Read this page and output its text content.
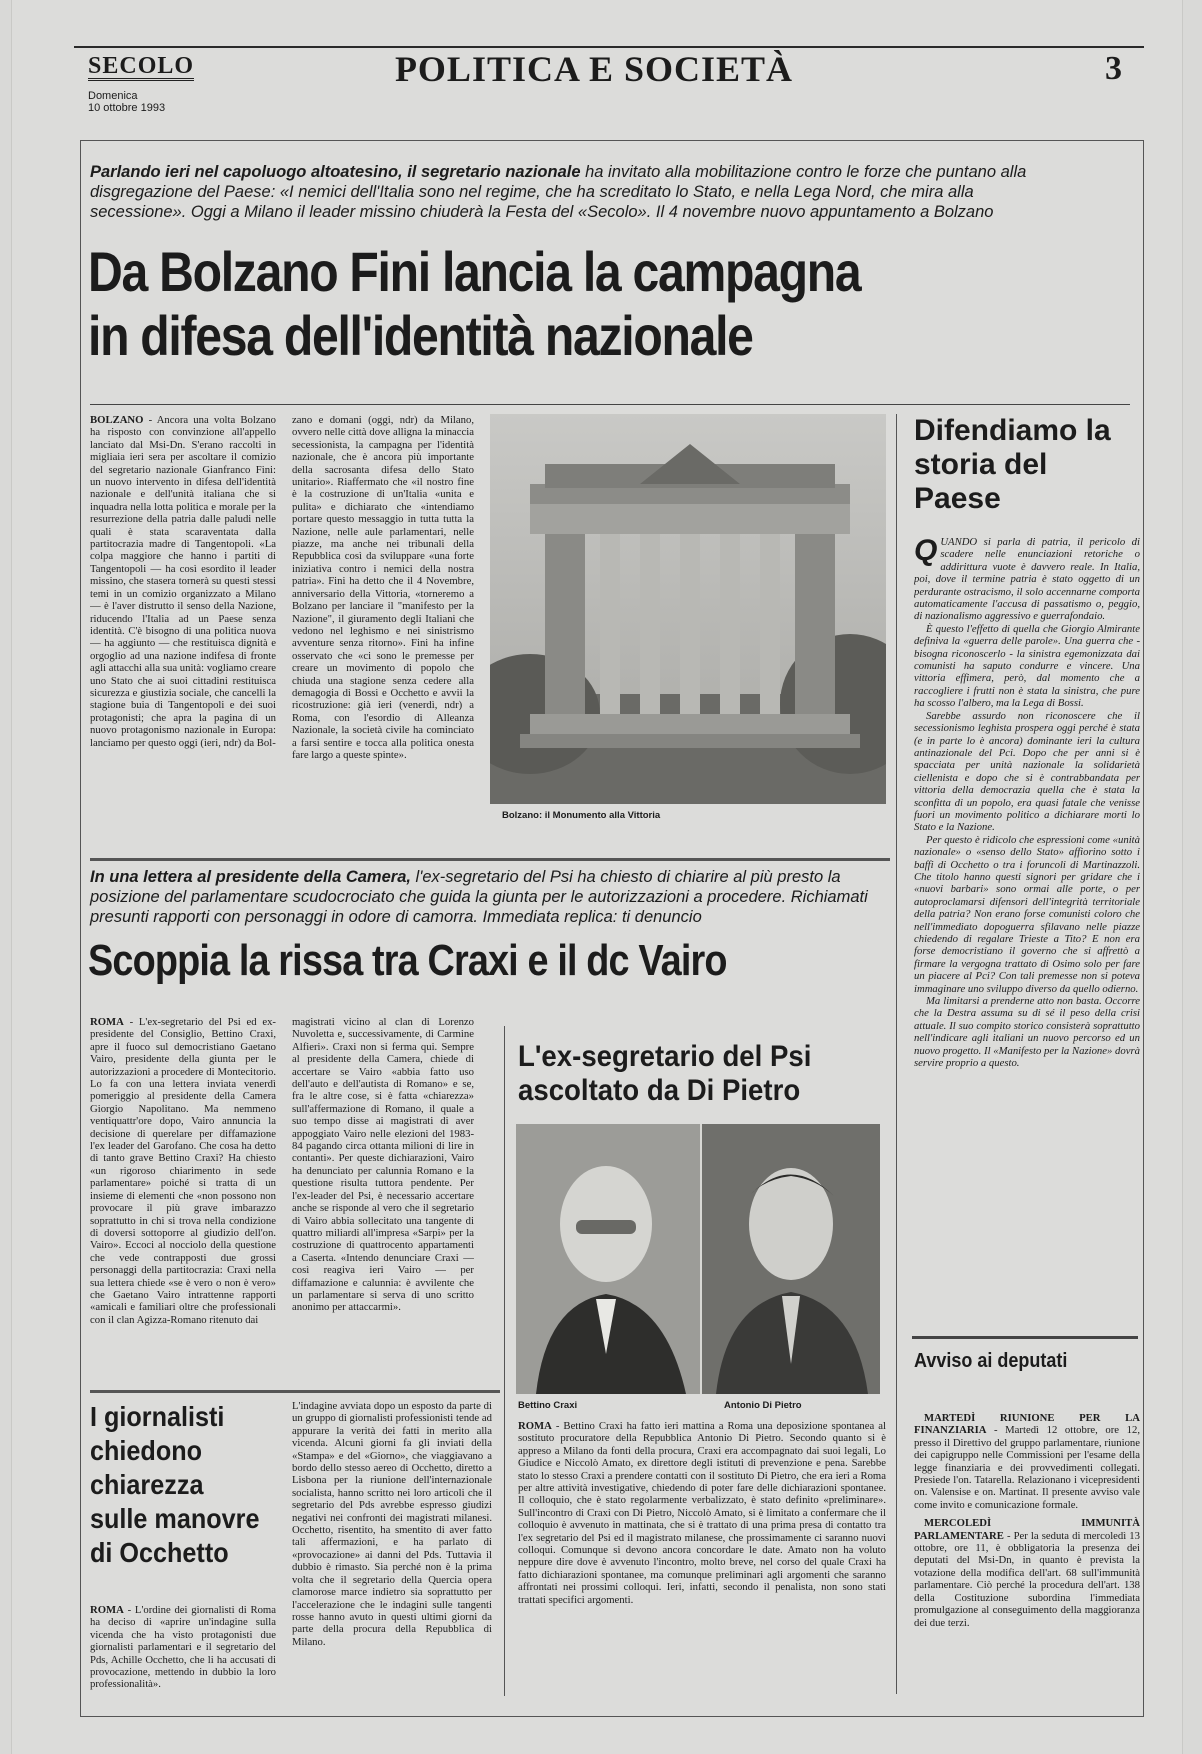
SECOLO
Domenica
10 ottobre 1993
POLITICA E SOCIETÀ	3
Parlando ieri nel capoluogo altoatesino, il segretario nazionale ha invitato alla mobilitazione contro le forze che puntano alla disgregazione del Paese: «I nemici dell'Italia sono nel regime, che ha screditato lo Stato, e nella Lega Nord, che mira alla secessione». Oggi a Milano il leader missino chiuderà la Festa del «Secolo». Il 4 novembre nuovo appuntamento a Bolzano
Da Bolzano Fini lancia la campagna
in difesa dell'identità nazionale
BOLZANO - Ancora una volta Bolzano ha risposto con convinzione all'appello lanciato dal Msi-Dn. S'erano raccolti in migliaia ieri sera per ascoltare il comizio del segretario nazionale Gianfranco Fini: un nuovo intervento in difesa dell'identità nazionale e dell'unità italiana che si inquadra nella lotta politica e morale per la resurrezione della patria dalle paludi nelle quali è stata scaraventata dalla partitocrazia madre di Tangentopoli. «La colpa maggiore che hanno i partiti di Tangentopoli — ha così esordito il leader missino, che stasera tornerà su questi stessi temi in un comizio organizzato a Milano — è l'aver distrutto il senso della Nazione, riducendo l'Italia ad un Paese senza identità. C'è bisogno di una politica nuova — ha aggiunto — che restituisca dignità e orgoglio ad una nazione indifesa di fronte agli attacchi alla sua unità: vogliamo creare uno Stato che ai suoi cittadini restituisca sicurezza e giustizia sociale, che cancelli la stagione buia di Tangentopoli e dei suoi protagonisti; che apra la pagina di un nuovo protagonismo nazionale in Europa: lanciamo per questo oggi (ieri, ndr) da Bol-
zano e domani (oggi, ndr) da Milano, ovvero nelle città dove alligna la minaccia secessionista, la campagna per l'identità nazionale, che è ancora più importante della sacrosanta difesa dello Stato unitario». Riaffermato che «il nostro fine è la costruzione di un'Italia «unita e pulita» e dichiarato che «intendiamo portare questo messaggio in tutta tutta la Nazione, nelle aule parlamentari, nelle piazze, ma anche nei tribunali della Repubblica così da sviluppare «una forte iniziativa contro i nemici della nostra patria». Fini ha detto che il 4 Novembre, anniversario della Vittoria, «torneremo a Bolzano per lanciare il "manifesto per la Nazione", il giuramento degli Italiani che vedono nel leghismo e nei sinistrismo avventure senza ritorno». Fini ha infine osservato che «ci sono le premesse per creare un movimento di popolo che chiuda una stagione senza cedere alla demagogia di Bossi e Occhetto e avvii la ricostruzione: già ieri (venerdì, ndr) a Roma, con l'esordio di Alleanza Nazionale, la società civile ha cominciato a farsi sentire e tocca alla politica onesta fare largo a queste spinte».
Bolzano: il Monumento alla Vittoria
Difendiamo la storia del Paese
Q UANDO si parla di patria, il pericolo di scadere nelle enunciazioni retoriche o addirittura vuote è davvero reale. In Italia, poi, dove il termine patria è stato oggetto di un perdurante ostracismo, il solo accennarne comporta automaticamente l'accusa di passatismo o, peggio, di nazionalismo aggressivo e guerrafondaio.

È questo l'effetto di quella che Giorgio Almirante definiva la «guerra delle parole». Una guerra che - bisogna riconoscerlo - la sinistra egemonizzata dai comunisti ha saputo condurre e vincere. Una vittoria effimera, però, dal momento che a raccogliere i frutti non è stata la sinistra, che pure ha scosso l'albero, ma la Lega di Bossi.

Sarebbe assurdo non riconoscere che il secessionismo leghista prospera oggi perché è stata (e in parte lo è ancora) dominante ieri la cultura antinazionale del Pci. Dopo che per anni si è spacciata per unità nazionale la solidarietà ciellenista e dopo che si è contrabbandata per vittoria della democrazia quella che è stata la sconfitta di un popolo, era quasi fatale che venisse fuori un movimento politico a dichiarare morti lo Stato e la Nazione.

Per questo è ridicolo che espressioni come «unità nazionale» o «senso dello Stato» affiorino sotto i baffi di Occhetto o tra i foruncoli di Martinazzoli. Che titolo hanno questi signori per gridare che i «nuovi barbari» sono ormai alle porte, o per autoproclamarsi difensori dell'integrità territoriale della patria? Non erano forse comunisti coloro che nell'immediato dopoguerra sfilavano nelle piazze chiedendo di regalare Trieste a Tito? E non era forse democristiano il governo che si affrettò a firmare la vergogna trattato di Osimo solo per fare un piacere al Pci? Con tali premesse non si poteva immaginare uno sviluppo diverso da quello odierno.

Ma limitarsi a prenderne atto non basta. Occorre che la Destra assuma su di sé il peso della crisi attuale. Il suo compito storico consisterà soprattutto nell'indicare agli italiani un nuovo percorso ed un nuovo progetto. Il «Manifesto per la Nazione» dovrà servire proprio a questo.

Avviso ai deputati

MARTEDÌ RIUNIONE PER LA FINANZIARIA - Martedì 12 ottobre, ore 12, presso il Direttivo del gruppo parlamentare, riunione dei capigruppo nelle Commissioni per l'esame della legge finanziaria e dei provvedimenti collegati. Presiede l'on. Tatarella. Relazionano i vicepresidenti on. Valensise e on. Martinat. Il presente avviso vale come invito e comunicazione formale.

MERCOLEDÌ IMMUNITÀ PARLAMENTARE - Per la seduta di mercoledì 13 ottobre, ore 11, è obbligatoria la presenza dei deputati del Msi-Dn, in quanto è prevista la votazione della modifica dell'art. 68 sull'immunità parlamentare. Ciò perché la procedura dell'art. 138 della Costituzione subordina l'immediata promulgazione al conseguimento della maggioranza dei due terzi.

In una lettera al presidente della Camera, l'ex-segretario del Psi ha chiesto di chiarire al più presto la posizione del parlamentare scudocrociato che guida la giunta per le autorizzazioni a procedere. Richiamati presunti rapporti con personaggi in odore di camorra. Immediata replica: ti denuncio
Scoppia la rissa tra Craxi e il dc Vairo
ROMA - L'ex-segretario del Psi ed ex-presidente del Consiglio, Bettino Craxi, apre il fuoco sul democristiano Gaetano Vairo, presidente della giunta per le autorizzazioni a procedere di Montecitorio. Lo fa con una lettera inviata venerdì pomeriggio al presidente della Camera Giorgio Napolitano. Ma nemmeno ventiquattr'ore dopo, Vairo annuncia la decisione di querelare per diffamazione l'ex leader del Garofano. Che cosa ha detto di tanto grave Bettino Craxi? Ha chiesto «un rigoroso chiarimento in sede parlamentare» poiché si tratta di un insieme di elementi che «non possono non provocare il più grave imbarazzo soprattutto in chi si trova nella condizione di doversi sottoporre al giudizio dell'on. Vairo». Eccoci al nocciolo della questione che vede contrapposti due grossi personaggi della partitocrazia: Craxi nella sua lettera chiede «se è vero o non è vero» che Gaetano Vairo intrattenne rapporti «amicali e familiari oltre che professionali con il clan Agizza-Romano ritenuto dai
magistrati vicino al clan di Lorenzo Nuvoletta e, successivamente, di Carmine Alfieri». Craxi non si ferma qui. Sempre al presidente della Camera, chiede di accertare se Vairo «abbia fatto uso dell'auto e dell'autista di Romano» e se, fra le altre cose, si è fatta «chiarezza» sull'affermazione di Romano, il quale a suo tempo disse ai magistrati di aver appoggiato Vairo nelle elezioni del 1983-84 pagando circa ottanta milioni di lire in contanti». Per queste dichiarazioni, Vairo ha denunciato per calunnia Romano e la questione risulta tuttora pendente. Per l'ex-leader del Psi, è necessario accertare anche se risponde al vero che il segretario di Vairo abbia sollecitato una tangente di quattro miliardi all'impresa «Sarpi» per la costruzione di quattrocento appartamenti a Caserta. «Intendo denunciare Craxi — così reagiva ieri Vairo — per diffamazione e calunnia: è avvilente che un parlamentare si serva di uno scritto anonimo per attaccarmi».
L'ex-segretario del Psi ascoltato da Di Pietro
Bettino Craxi	Antonio Di Pietro
ROMA - Bettino Craxi ha fatto ieri mattina a Roma una deposizione spontanea al sostituto procuratore della Repubblica Antonio Di Pietro. Secondo quanto si è appreso a Milano da fonti della procura, Craxi era accompagnato dai suoi legali, Lo Giudice e Niccolò Amato, ex direttore degli istituti di prevenzione e pena. Sarebbe stato lo stesso Craxi a prendere contatti con il sostituto Di Pietro, che era ieri a Roma per altre attività investigative, chiedendo di poter fare delle dichiarazioni spontanee. Il colloquio, che è stato regolarmente verbalizzato, è stato definito «preliminare». Sull'incontro di Craxi con Di Pietro, Niccolò Amato, si è limitato a confermare che il colloquio è avvenuto in mattinata, che si è trattato di una prima presa di contatto tra l'ex segretario del Psi ed il magistrato milanese, che prossimamente ci saranno nuovi colloqui. Comunque si devono ancora concordare le date. Amato non ha voluto neppure dire dove è avvenuto l'incontro, molto breve, nel corso del quale Craxi ha fatto dichiarazioni spontanee, ma comunque preliminari agli argomenti che saranno affrontati nei prossimi colloqui. Ieri, infatti, secondo il penalista, non sono stati trattati specifici argomenti.
I giornalisti chiedono chiarezza sulle manovre di Occhetto
ROMA - L'ordine dei giornalisti di Roma ha deciso di «aprire un'indagine sulla vicenda che ha visto protagonisti due giornalisti parlamentari e il segretario del Pds, Achille Occhetto, che li ha accusati di provocazione, mettendo in dubbio la loro professionalità».
L'indagine avviata dopo un esposto da parte di un gruppo di giornalisti professionisti tende ad appurare la verità dei fatti in merito alla vicenda. Alcuni giorni fa gli inviati della «Stampa» e del «Giorno», che viaggiavano a bordo dello stesso aereo di Occhetto, diretto a Lisbona per la riunione dell'internazionale socialista, hanno scritto nei loro articoli che il segretario del Pds avrebbe espresso giudizi negativi nei confronti dei magistrati milanesi. Occhetto, risentito, ha smentito di aver fatto tali affermazioni, e ha parlato di «provocazione» ai danni del Pds. Tuttavia il dubbio è rimasto. Sia perché non è la prima volta che il segretario della Quercia opera clamorose marce indietro sia soprattutto per l'accelerazione che le indagini sulle tangenti rosse hanno avuto in questi ultimi giorni da parte della procura della Repubblica di Milano.
